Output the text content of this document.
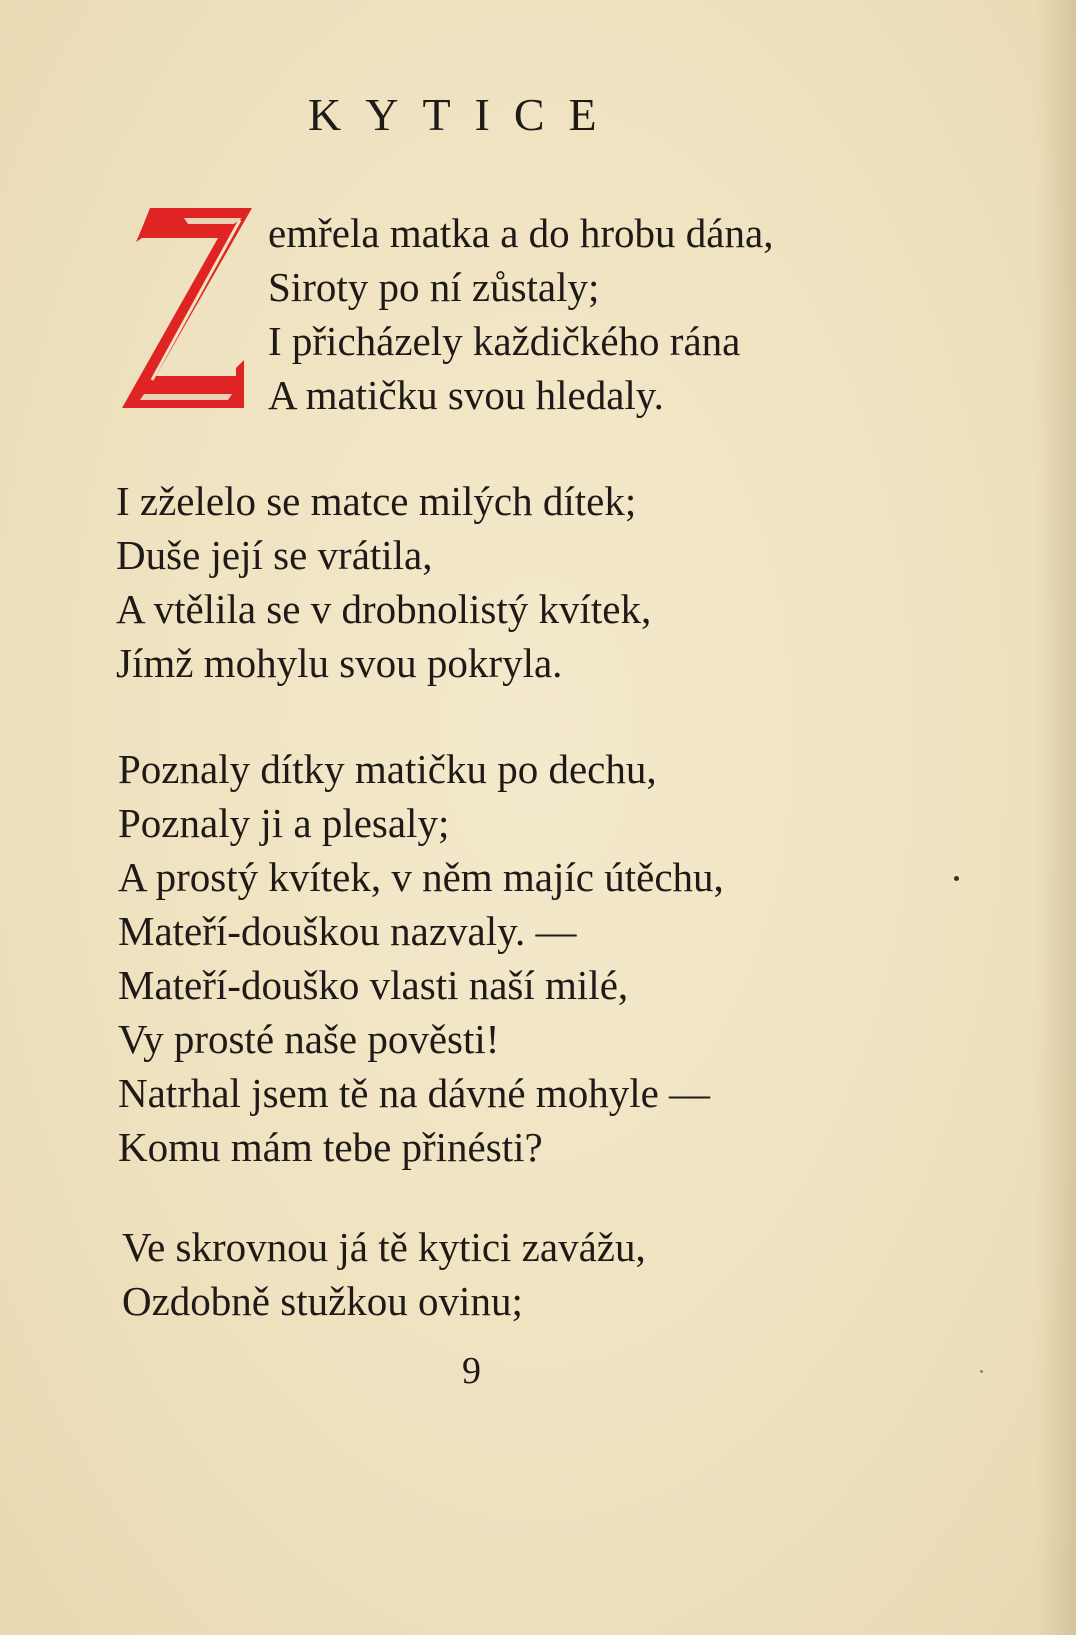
KYTICE
emřela matka a do hrobu dána,
Siroty po ní zůstaly;
I přicházely každičkého rána
A matičku svou hledaly.
I zželelo se matce milých dítek;
Duše její se vrátila,
A vtělila se v drobnolistý kvítek,
Jímž mohylu svou pokryla.
Poznaly dítky matičku po dechu,
Poznaly ji a plesaly;
A prostý kvítek, v něm majíc útěchu,
Mateří-douškou nazvaly. —
Mateří-douško vlasti naší milé,
Vy prosté naše pověsti!
Natrhal jsem tě na dávné mohyle —
Komu mám tebe přinésti?
Ve skrovnou já tě kytici zavážu,
Ozdobně stužkou ovinu;
9
